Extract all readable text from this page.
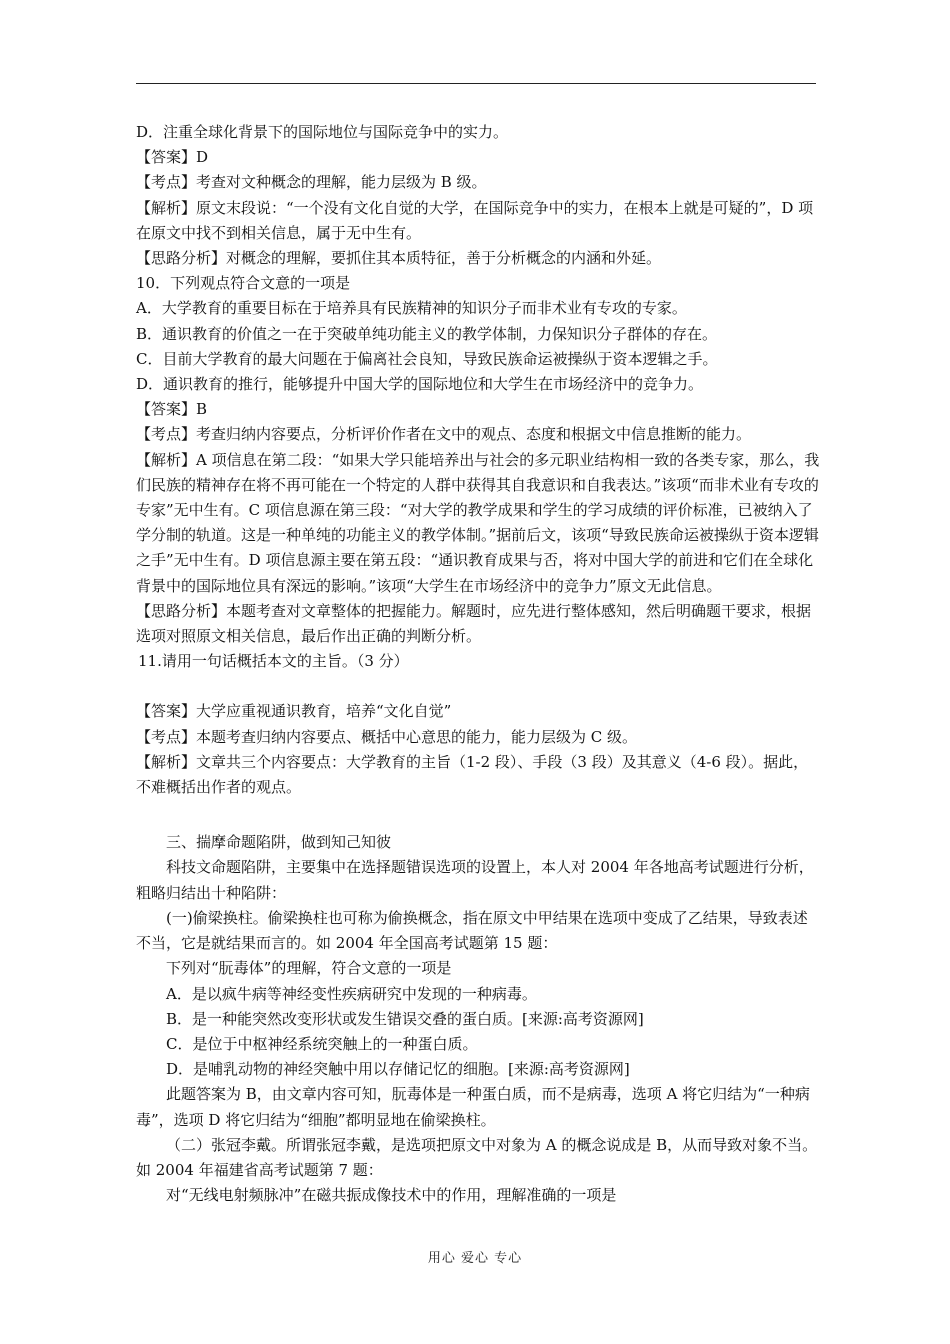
D．注重全球化背景下的国际地位与国际竞争中的实力。

【答案】D

【考点】考查对文种概念的理解，能力层级为 B 级。

【解析】原文末段说：“一个没有文化自觉的大学，在国际竞争中的实力，在根本上就是可疑的”，D 项在原文中找不到相关信息，属于无中生有。

【思路分析】对概念的理解，要抓住其本质特征，善于分析概念的内涵和外延。

10．下列观点符合文意的一项是

A．大学教育的重要目标在于培养具有民族精神的知识分子而非术业有专攻的专家。

B．通识教育的价值之一在于突破单纯功能主义的教学体制，力保知识分子群体的存在。

C．目前大学教育的最大问题在于偏离社会良知，导致民族命运被操纵于资本逻辑之手。

D．通识教育的推行，能够提升中国大学的国际地位和大学生在市场经济中的竞争力。

【答案】B

【考点】考查归纳内容要点，分析评价作者在文中的观点、态度和根据文中信息推断的能力。

【解析】A 项信息在第二段：“如果大学只能培养出与社会的多元职业结构相一致的各类专家，那么，我们民族的精神存在将不再可能在一个特定的人群中获得其自我意识和自我表达。”该项“而非术业有专攻的专家”无中生有。C 项信息源在第三段：“对大学的教学成果和学生的学习成绩的评价标准，已被纳入了学分制的轨道。这是一种单纯的功能主义的教学体制。”据前后文，该项“导致民族命运被操纵于资本逻辑之手”无中生有。D 项信息源主要在第五段：“通识教育成果与否，将对中国大学的前进和它们在全球化背景中的国际地位具有深远的影响。”该项“大学生在市场经济中的竞争力”原文无此信息。

【思路分析】本题考查对文章整体的把握能力。解题时，应先进行整体感知，然后明确题干要求，根据选项对照原文相关信息，最后作出正确的判断分析。

11.请用一句话概括本文的主旨。（3 分）

【答案】大学应重视通识教育，培养“文化自觉”

【考点】本题考查归纳内容要点、概括中心意思的能力，能力层级为 C 级。

【解析】文章共三个内容要点：大学教育的主旨（1-2 段）、手段（3 段）及其意义（4-6 段）。据此，不难概括出作者的观点。

三、揣摩命题陷阱，做到知己知彼

科技文命题陷阱，主要集中在选择题错误选项的设置上，本人对 2004 年各地高考试题进行分析，粗略归结出十种陷阱：

(一)偷梁换柱。偷梁换柱也可称为偷换概念，指在原文中甲结果在选项中变成了乙结果，导致表述不当，它是就结果而言的。如 2004 年全国高考试题第 15 题：

下列对“朊毒体”的理解，符合文意的一项是

A．是以疯牛病等神经变性疾病研究中发现的一种病毒。

B．是一种能突然改变形状或发生错误交叠的蛋白质。[来源:高考资源网]

C．是位于中枢神经系统突触上的一种蛋白质。

D．是哺乳动物的神经突触中用以存储记忆的细胞。[来源:高考资源网]

此题答案为 B，由文章内容可知，朊毒体是一种蛋白质，而不是病毒，选项 A 将它归结为“一种病毒”，选项 D 将它归结为“细胞”都明显地在偷梁换柱。

（二）张冠李戴。所谓张冠李戴，是选项把原文中对象为 A 的概念说成是 B，从而导致对象不当。如 2004 年福建省高考试题第 7 题：

对“无线电射频脉冲”在磁共振成像技术中的作用，理解准确的一项是

用心 爱心 专心
